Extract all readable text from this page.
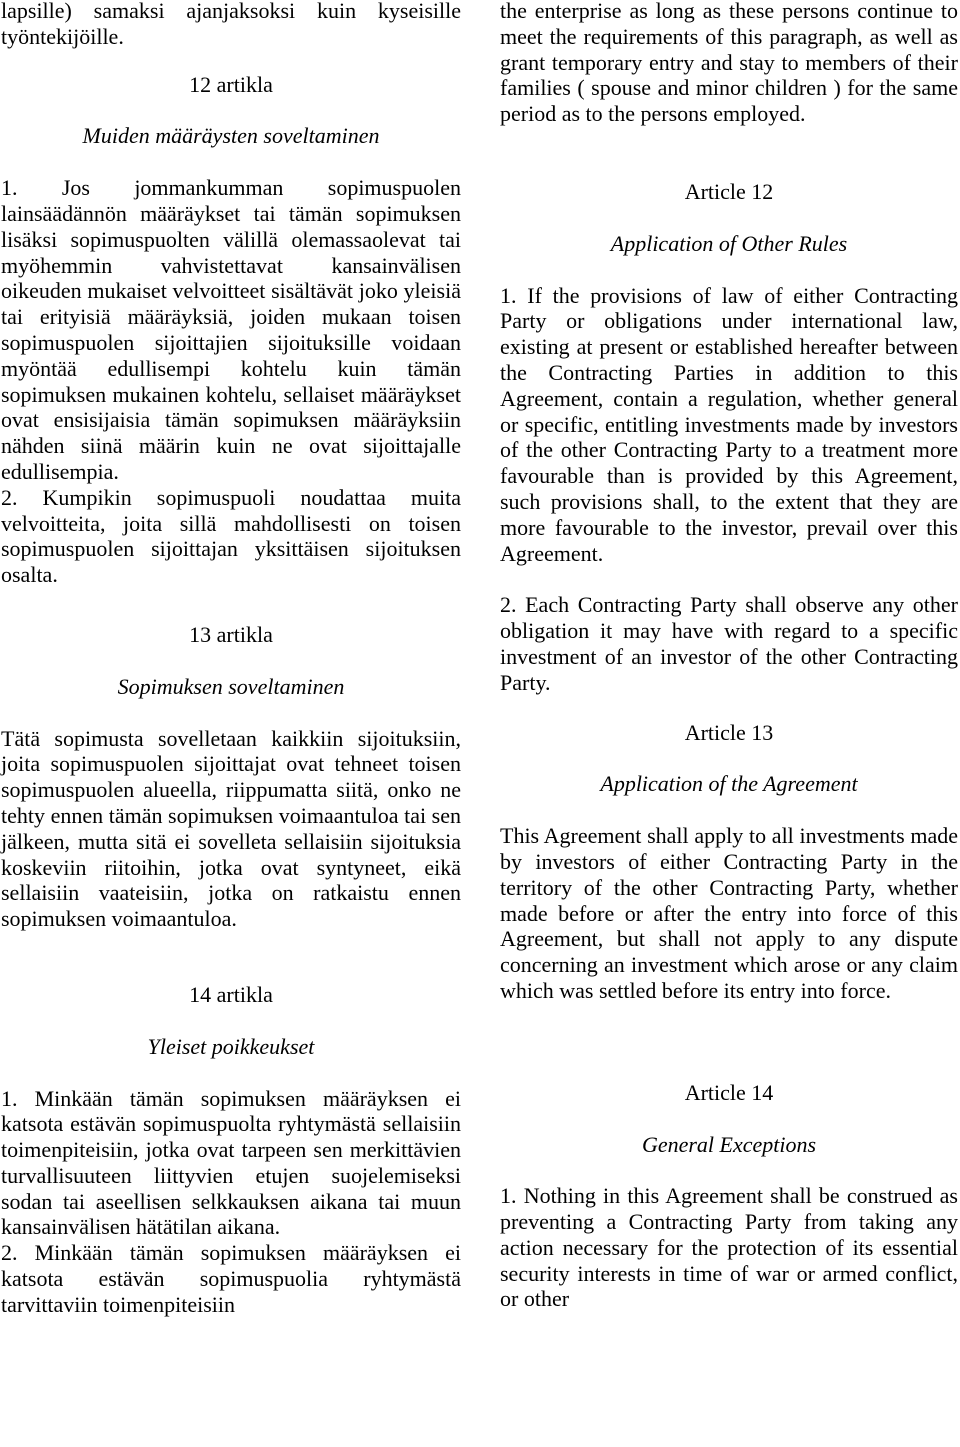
lapsille) samaksi ajanjaksoksi kuin kyseisille työntekijöille.

12 artikla

Muiden määräysten soveltaminen

1. Jos jommankumman sopimuspuolen lainsäädännön määräykset tai tämän sopimuksen lisäksi sopimuspuolten välillä olemassaolevat tai myöhemmin vahvistettavat kansainvälisen oikeuden mukaiset velvoitteet sisältävät joko yleisiä tai erityisiä määräyksiä, joiden mukaan toisen sopimuspuolen sijoittajien sijoituksille voidaan myöntää edullisempi kohtelu kuin tämän sopimuksen mukainen kohtelu, sellaiset määräykset ovat ensisijaisia tämän sopimuksen määräyksiin nähden siinä määrin kuin ne ovat sijoittajalle edullisempia.

2. Kumpikin sopimuspuoli noudattaa muita velvoitteita, joita sillä mahdollisesti on toisen sopimuspuolen sijoittajan yksittäisen sijoituksen osalta.

13 artikla

Sopimuksen soveltaminen

Tätä sopimusta sovelletaan kaikkiin sijoituksiin, joita sopimuspuolen sijoittajat ovat tehneet toisen sopimuspuolen alueella, riippumatta siitä, onko ne tehty ennen tämän sopimuksen voimaantuloa tai sen jälkeen, mutta sitä ei sovelleta sellaisiin sijoituksia koskeviin riitoihin, jotka ovat syntyneet, eikä sellaisiin vaateisiin, jotka on ratkaistu ennen sopimuksen voimaantuloa.

14 artikla

Yleiset poikkeukset

1. Minkään tämän sopimuksen määräyksen ei katsota estävän sopimuspuolta ryhtymästä sellaisiin toimenpiteisiin, jotka ovat tarpeen sen merkittävien turvallisuuteen liittyvien etujen suojelemiseksi sodan tai aseellisen selkkauksen aikana tai muun kansainvälisen hätätilan aikana.

2. Minkään tämän sopimuksen määräyksen ei katsota estävän sopimuspuolia ryhtymästä tarvittaviin toimenpiteisiin

the enterprise as long as these persons continue to meet the requirements of this paragraph, as well as grant temporary entry and stay to members of their families ( spouse and minor children ) for the same period as to the persons employed.

Article 12

Application of Other Rules

1. If the provisions of law of either Contracting Party or obligations under international law, existing at present or established hereafter between the Contracting Parties in addition to this Agreement, contain a regulation, whether general or specific, entitling investments made by investors of the other Contracting Party to a treatment more favourable than is provided by this Agreement, such provisions shall, to the extent that they are more favourable to the investor, prevail over this Agreement.

2. Each Contracting Party shall observe any other obligation it may have with regard to a specific investment of an investor of the other Contracting Party.

Article 13

Application of the Agreement

This Agreement shall apply to all investments made by investors of either Contracting Party in the territory of the other Contracting Party, whether made before or after the entry into force of this Agreement, but shall not apply to any dispute concerning an investment which arose or any claim which was settled before its entry into force.

Article 14

General Exceptions

1. Nothing in this Agreement shall be construed as preventing a Contracting Party from taking any action necessary for the protection of its essential security interests in time of war or armed conflict, or other
